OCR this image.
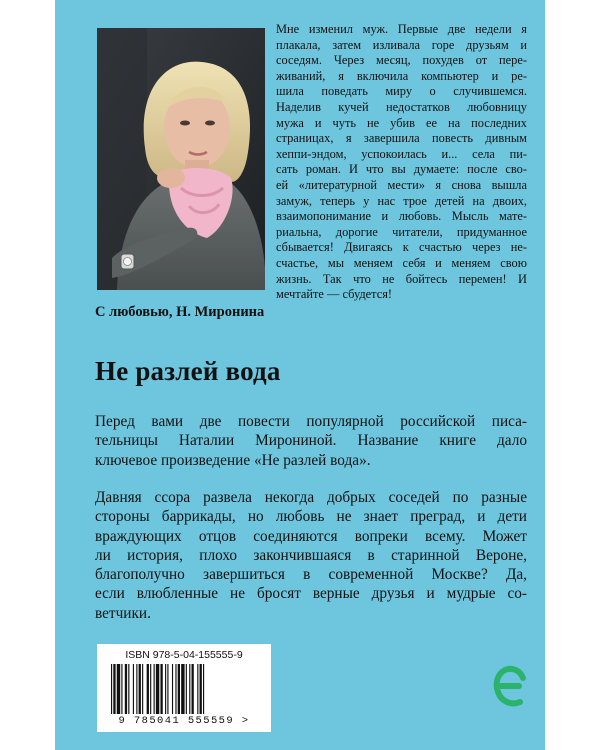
Мне изменил муж. Первые две недели я
плакала, затем изливала горе друзьям и
соседям. Через месяц, похудев от пере-
живаний, я включила компьютер и ре-
шила поведать миру о случившемся.
Наделив кучей недостатков любовницу
мужа и чуть не убив ее на последних
страницах, я завершила повесть дивным
хеппи-эндом, успокоилась и... села пи-
сать роман. И что вы думаете: после сво-
ей «литературной мести» я снова вышла
замуж, теперь у нас трое детей на двоих,
взаимопонимание и любовь. Мысль мате-
риальна, дорогие читатели, придуманное
сбывается! Двигаясь к счастью через не-
счастье, мы меняем себя и меняем свою
жизнь. Так что не бойтесь перемен! И
мечтайте — сбудется!
С любовью, Н. Миронина
Не разлей вода
Перед вами две повести популярной российской писа-
тельницы Наталии Мирониной. Название книге дало
ключевое произведение «Не разлей вода».
Давняя ссора развела некогда добрых соседей по разные
стороны баррикады, но любовь не знает преград, и дети
враждующих отцов соединяются вопреки всему. Может
ли история, плохо закончившаяся в старинной Вероне,
благополучно завершиться в современной Москве? Да,
если влюбленные не бросят верные друзья и мудрые со-
ветчики.
ISBN 978-5-04-155555-9
9 785041 555559 >
